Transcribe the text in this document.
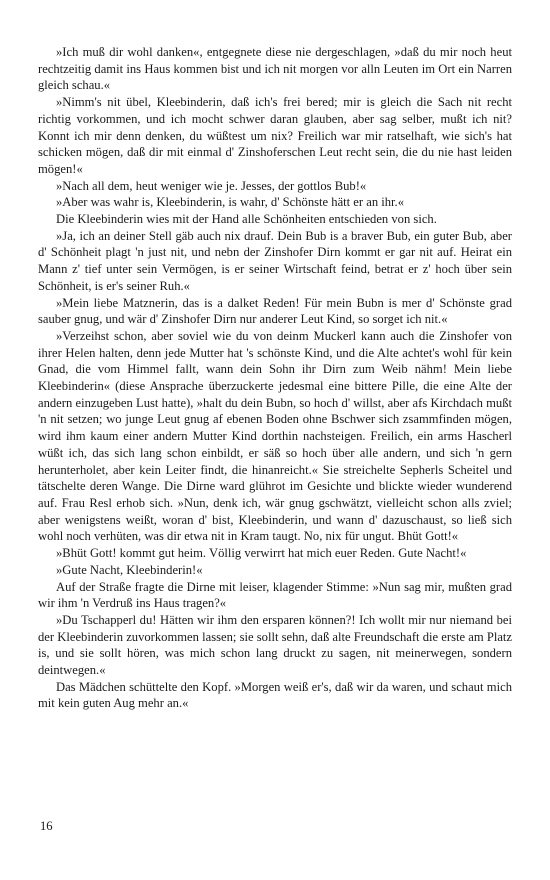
»Ich muß dir wohl danken«, entgegnete diese nie dergeschlagen, »daß du mir noch heut rechtzeitig damit ins Haus kommen bist und ich nit morgen vor alln Leuten im Ort ein Narren gleich schau.«

»Nimm's nit übel, Kleebinderin, daß ich's frei bered; mir is gleich die Sach nit recht richtig vorkommen, und ich mocht schwer daran glauben, aber sag selber, mußt ich nit? Konnt ich mir denn denken, du wüßtest um nix? Freilich war mir ratselhaft, wie sich's hat schicken mögen, daß dir mit einmal d' Zinshoferschen Leut recht sein, die du nie hast leiden mögen!«

»Nach all dem, heut weniger wie je. Jesses, der gottlos Bub!«

»Aber was wahr is, Kleebinderin, is wahr, d' Schönste hätt er an ihr.«

Die Kleebinderin wies mit der Hand alle Schönheiten entschieden von sich.

»Ja, ich an deiner Stell gäb auch nix drauf. Dein Bub is a braver Bub, ein guter Bub, aber d' Schönheit plagt 'n just nit, und nebn der Zinshofer Dirn kommt er gar nit auf. Heirat ein Mann z' tief unter sein Vermögen, is er seiner Wirtschaft feind, betrat er z' hoch über sein Schönheit, is er's seiner Ruh.«

»Mein liebe Matznerin, das is a dalket Reden! Für mein Bubn is mer d' Schönste grad sauber gnug, und wär d' Zinshofer Dirn nur anderer Leut Kind, so sorget ich nit.«

»Verzeihst schon, aber soviel wie du von deinm Muckerl kann auch die Zinshofer von ihrer Helen halten, denn jede Mutter hat 's schönste Kind, und die Alte achtet's wohl für kein Gnad, die vom Himmel fallt, wann dein Sohn ihr Dirn zum Weib nähm! Mein liebe Kleebinderin« (diese Ansprache überzuckerte jedesmal eine bittere Pille, die eine Alte der andern einzugeben Lust hatte), »halt du dein Bubn, so hoch d' willst, aber afs Kirchdach mußt 'n nit setzen; wo junge Leut gnug af ebenen Boden ohne Bschwer sich zsammfinden mögen, wird ihm kaum einer andern Mutter Kind dorthin nachsteigen. Freilich, ein arms Hascherl wüßt ich, das sich lang schon einbildt, er säß so hoch über alle andern, und sich 'n gern herunterholet, aber kein Leiter findt, die hinanreicht.« Sie streichelte Sepherls Scheitel und tätschelte deren Wange. Die Dirne ward glührot im Gesichte und blickte wieder wunderend auf. Frau Resl erhob sich. »Nun, denk ich, wär gnug gschwätzt, vielleicht schon alls zviel; aber wenigstens weißt, woran d' bist, Kleebinderin, und wann d' dazuschaust, so ließ sich wohl noch verhüten, was dir etwa nit in Kram taugt. No, nix für ungut. Bhüt Gott!«

»Bhüt Gott! kommt gut heim. Völlig verwirrt hat mich euer Reden. Gute Nacht!«

»Gute Nacht, Kleebinderin!«

Auf der Straße fragte die Dirne mit leiser, klagender Stimme: »Nun sag mir, mußten grad wir ihm 'n Verdruß ins Haus tragen?«

»Du Tschapperl du! Hätten wir ihm den ersparen können?! Ich wollt mir nur niemand bei der Kleebinderin zuvorkommen lassen; sie sollt sehn, daß alte Freundschaft die erste am Platz is, und sie sollt hören, was mich schon lang druckt zu sagen, nit meinerwegen, sondern deintwegen.«

Das Mädchen schüttelte den Kopf. »Morgen weiß er's, daß wir da waren, und schaut mich mit kein guten Aug mehr an.«

16
